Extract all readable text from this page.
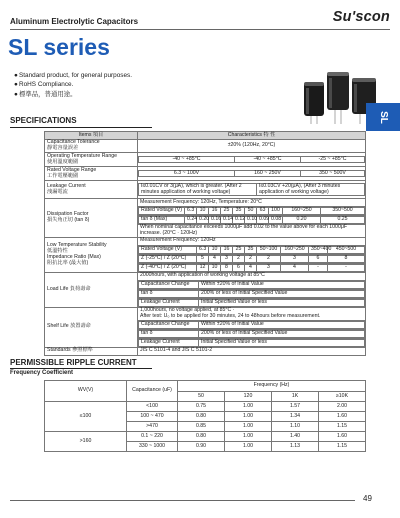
Aluminum Electrolytic Capacitors	Su'scon
SL series
●Standard product, for general purposes.
●RoHS Compliance.
●標準品，普通用途。
SL
SPECIFICATIONS
Items 項目	Characteristics 特 性

Capacitance Tolerance
靜電容量誤差	±20% (120Hz, 20°C)

Operating Temperature Range
使用溫度範圍
		-40 ~ +85°C	-40 ~ +85°C	-25 ~ +85°C

Rated Voltage Range
工作電壓範圍
		6.3 ~ 100V	160 ~ 250V	350 ~ 500V

Leakage Current
洩漏電流

I≤0.01CV or 3(μA), which is greater. (After 2 minutes application of working voltage)	I≤0.03CV +20(μA), (After 3 minutes application of working voltage)

Dissipation Factor
損失角正切 (tan δ)
	Measurement Frequency: 120Hz, Temperature: 20°C

Rated Voltage (V)	6.3	10	16	25	35	50	63	100	160~250	350~500

tan δ (Max)	0.24	0.20	0.16	0.14	0.12	0.10	0.09	0.08	0.20	0.25

When nominal capacitance exceeds 1000μF add 0.02 to the value above for each 1000μF increase. (20°C · 120Hz)

Low Temperature Stability
低溫特性
Impedance Ratio (Max)
阻抗比率 (最大值)
	Measurement Frequency: 120Hz

Rated Voltage (V)	6.3	10	16	25	35	50~100	160~250	350~400	450~500

Z (-25°C) / Z (20°C)	5	4	3	2	2	2	3	6	8

Z (-40°C) / Z (20°C)	12	10	8	6	4	3	4	-	-

Load Life 負荷壽命	2000hours, with application of working voltage at 85°C

Capacitance Change	Within ±20% of Initial Value

tan δ	200% or less of Initial Specified Value

Leakage Current	Initial Specified Value or less

Shelf Life 放置壽命	
1,000hours, no voltage applied, at 85°C ·
After test: U₀ to be applied for 30 minutes, 24 to 48hours before measurement.

Capacitance Change	Within ±20% of Initial Value

tan δ	200% or less of Initial Specified Value

Leakage Current	Initial Specified Value or less

Standards 參照標準	JIS C 5101-4 and JIS C 5101-2
PERMISSIBLE RIPPLE CURRENT
Frequency Coefficient
WV(V)	Capacitance (uF)	Frequency (Hz)			
		50	120	1K	≥10K
≤100	<100	0.75	1.00	1.57	2.00
	100 ~ 470	0.80	1.00	1.34	1.60
	>470	0.85	1.00	1.10	1.15
>160	0.1 ~ 220	0.80	1.00	1.40	1.60
	330 ~ 1000	0.90	1.00	1.13	1.15
49
